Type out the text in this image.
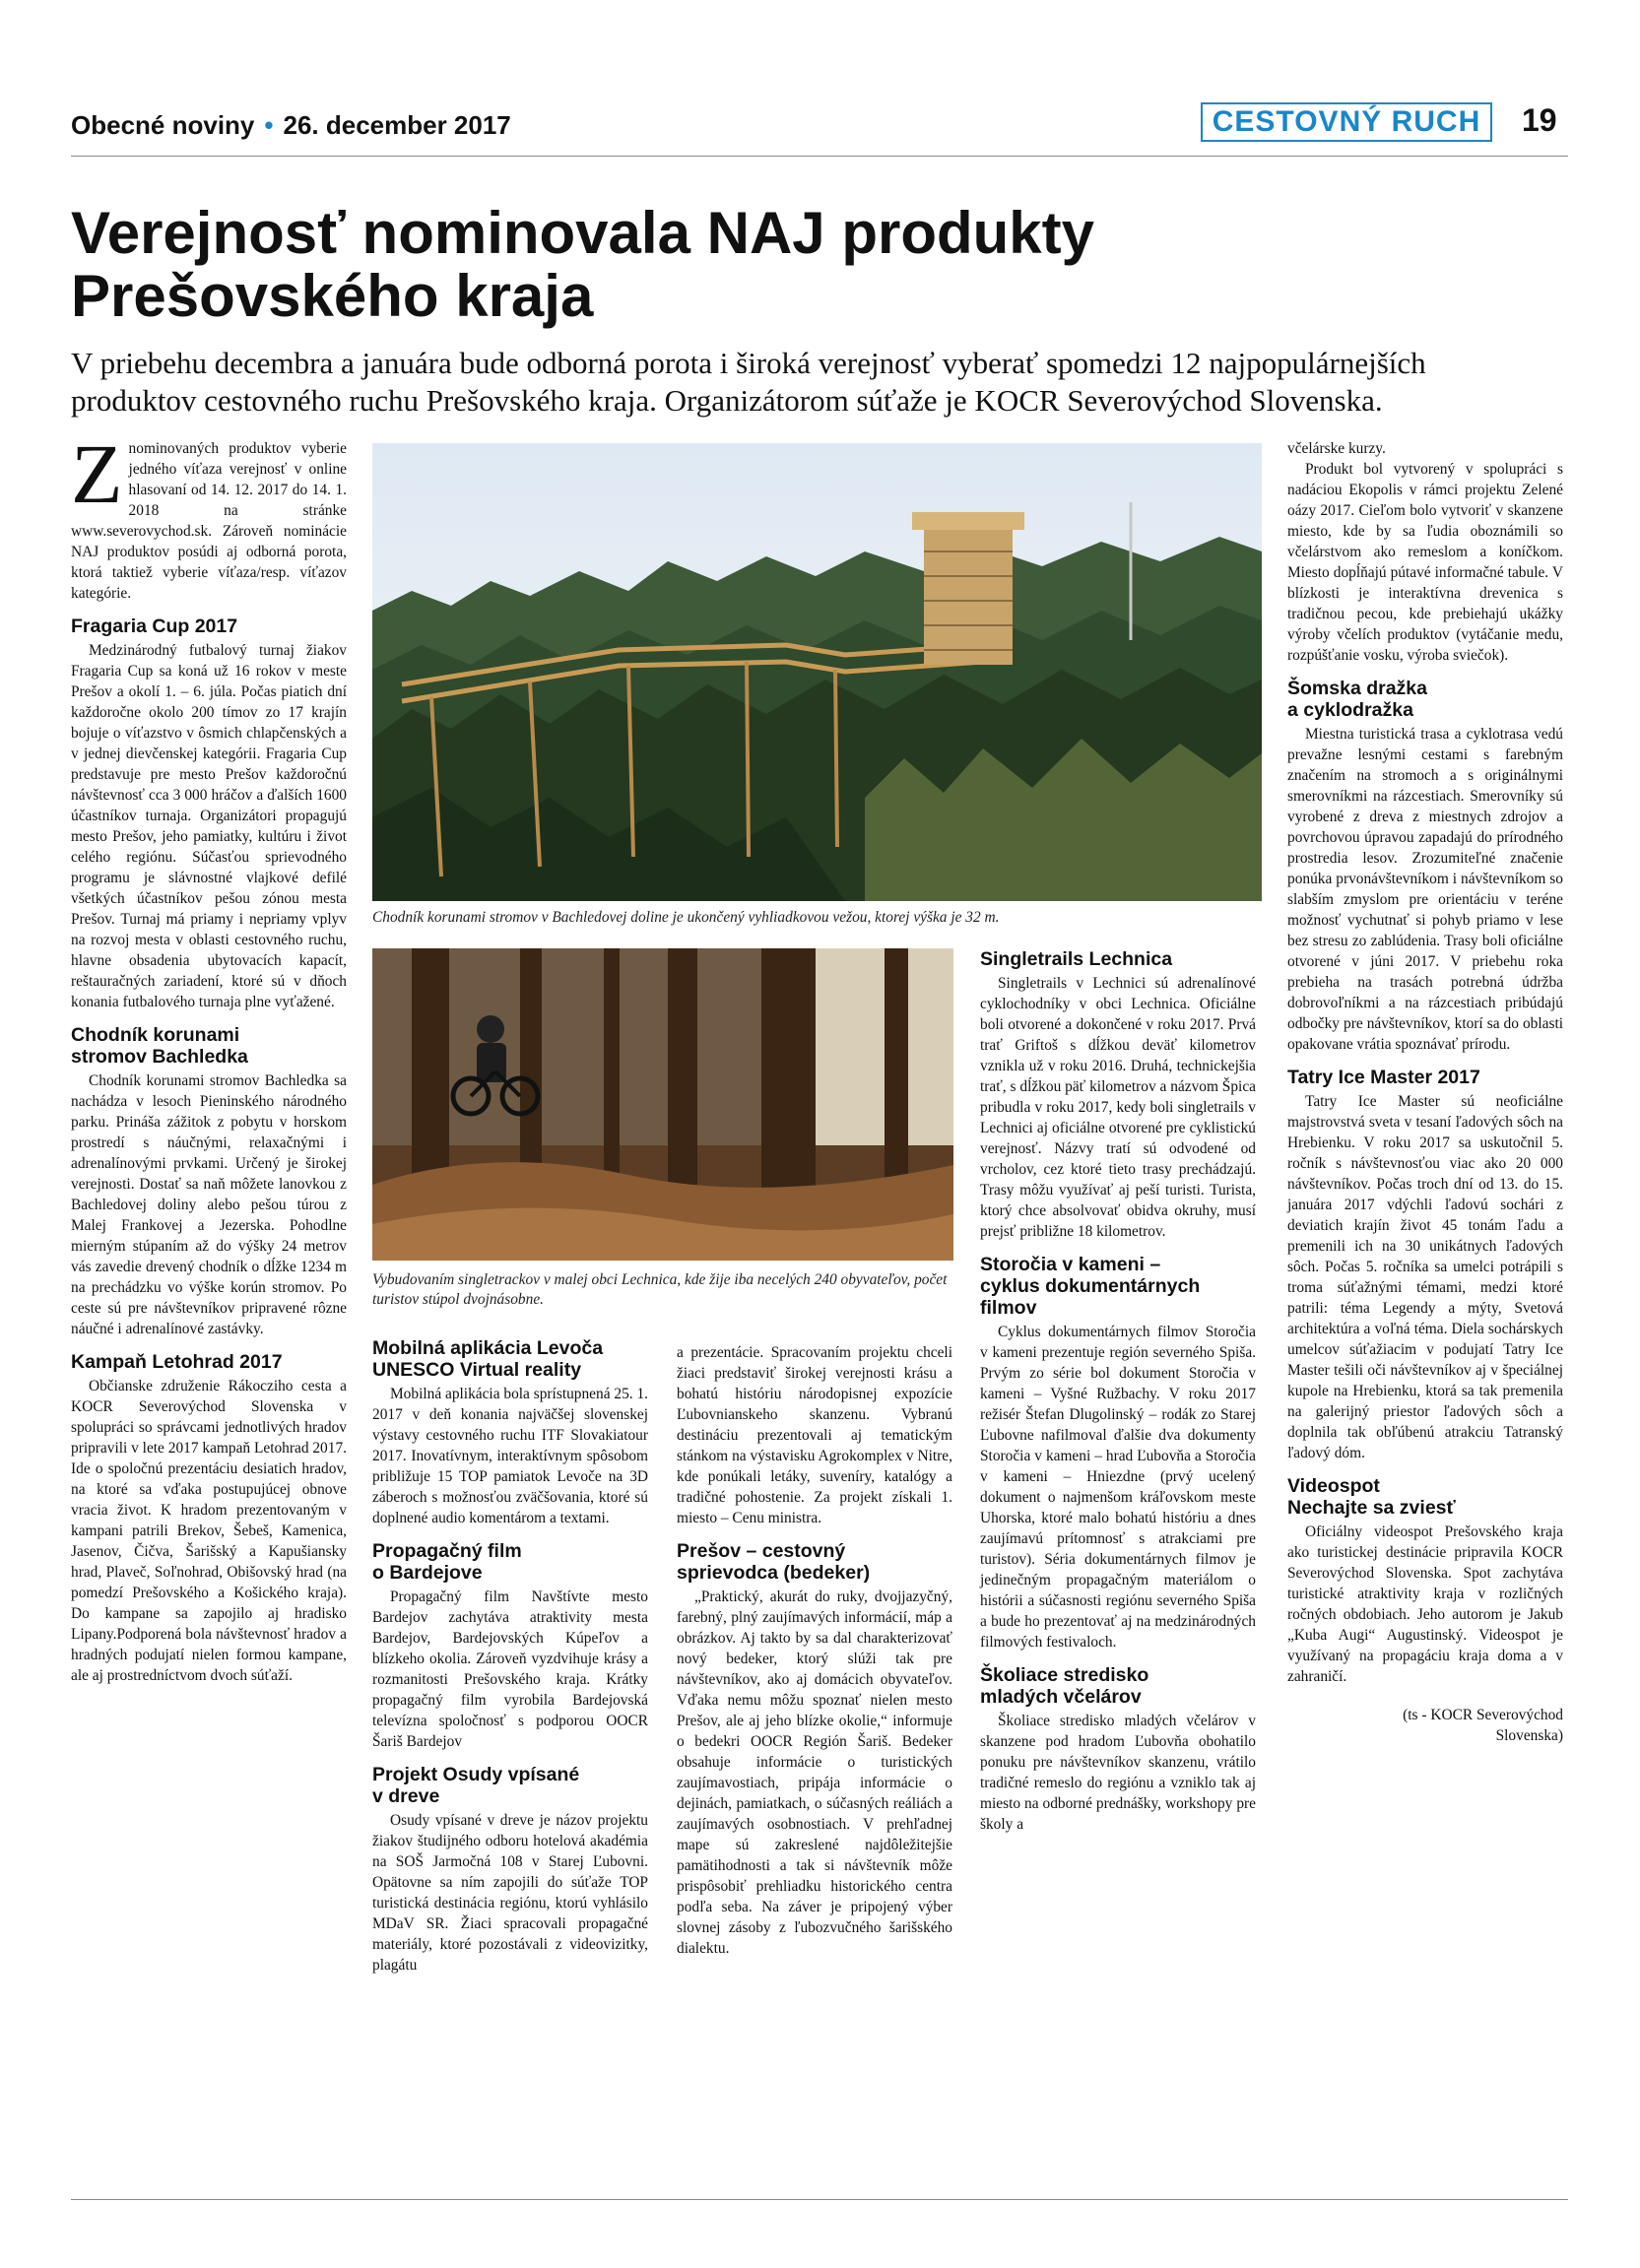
Obecné noviny • 26. december 2017	CESTOVNÝ RUCH	19
Verejnosť nominovala NAJ produkty
Prešovského kraja

V priebehu decembra a januára bude odborná porota i široká verejnosť vyberať spomedzi 12 najpopulárnejších
produktov cestovného ruchu Prešovského kraja. Organizátorom súťaže je KOCR Severovýchod Slovenska.

Znominovaných produktov vyberie jedného víťaza verejnosť v online hlasovaní od 14. 12. 2017 do 14. 1. 2018 na stránke www.severovychod.sk. Zároveň nominácie NAJ produktov posúdi aj odborná porota, ktorá taktiež vyberie víťaza/resp. víťazov kategórie.

Fragaria Cup 2017

Medzinárodný futbalový turnaj žiakov Fragaria Cup sa koná už 16 rokov v meste Prešov a okolí 1. – 6. júla. Počas piatich dní každoročne okolo 200 tímov zo 17 krajín bojuje o víťazstvo v ôsmich chlapčenských a v jednej dievčenskej kategórii. Fragaria Cup predstavuje pre mesto Prešov každoročnú návštevnosť cca 3 000 hráčov a ďalších 1600 účastníkov turnaja. Organizátori propagujú mesto Prešov, jeho pamiatky, kultúru i život celého regiónu. Súčasťou sprievodného programu je slávnostné vlajkové defilé všetkých účastníkov pešou zónou mesta Prešov. Turnaj má priamy i nepriamy vplyv na rozvoj mesta v oblasti cestovného ruchu, hlavne obsadenia ubytovacích kapacít, reštauračných zariadení, ktoré sú v dňoch konania futbalového turnaja plne vyťažené.

Chodník korunami
stromov Bachledka

Chodník korunami stromov Bachledka sa nachádza v lesoch Pieninského národného parku. Prináša zážitok z pobytu v horskom prostredí s náučnými, relaxačnými i adrenalínovými prvkami. Určený je širokej verejnosti. Dostať sa naň môžete lanovkou z Bachledovej doliny alebo pešou túrou z Malej Frankovej a Jezerska. Pohodlne mierným stúpaním až do výšky 24 metrov vás zavedie drevený chodník o dĺžke 1234 m na prechádzku vo výške korún stromov. Po ceste sú pre návštevníkov pripravené rôzne náučné i adrenalínové zastávky.

Kampaň Letohrad 2017

Občianske združenie Rákocziho cesta a KOCR Severovýchod Slovenska v spolupráci so správcami jednotlivých hradov pripravili v lete 2017 kampaň Letohrad 2017. Ide o spoločnú prezentáciu desiatich hradov, na ktoré sa vďaka postupujúcej obnove vracia život. K hradom prezentovaným v kampani patrili Brekov, Šebeš, Kamenica, Jasenov, Čičva, Šarišský a Kapušiansky hrad, Plaveč, Soľnohrad, Obišovský hrad (na pomedzí Prešovského a Košického kraja). Do kampane sa zapojilo aj hradisko Lipany.Podporená bola návštevnosť hradov a hradných podujatí nielen formou kampane, ale aj prostredníctvom dvoch súťaží.

Chodník korunami stromov v Bachledovej doline je ukončený vyhliadkovou vežou, ktorej výška je 32 m.
Vybudovaním singletrackov v malej obci Lechnica, kde žije iba necelých 240 obyvateľov, počet turistov stúpol dvojnásobne.
Mobilná aplikácia Levoča
UNESCO Virtual reality

Mobilná aplikácia bola sprístupnená 25. 1. 2017 v deň konania najväčšej slovenskej výstavy cestovného ruchu ITF Slovakiatour 2017. Inovatívnym, interaktívnym spôsobom približuje 15 TOP pamiatok Levoče na 3D záberoch s možnosťou zväčšovania, ktoré sú doplnené audio komentárom a textami.

Propagačný film
o Bardejove

Propagačný film Navštívte mesto Bardejov zachytáva atraktivity mesta Bardejov, Bardejovských Kúpeľov a blízkeho okolia. Zároveň vyzdvihuje krásy a rozmanitosti Prešovského kraja. Krátky propagačný film vyrobila Bardejovská televízna spoločnosť s podporou OOCR Šariš Bardejov

Projekt Osudy vpísané
v dreve

Osudy vpísané v dreve je názov projektu žiakov študijného odboru hotelová akadémia na SOŠ Jarmočná 108 v Starej Ľubovni. Opätovne sa ním zapojili do súťaže TOP turistická destinácia regiónu, ktorú vyhlásilo MDaV SR. Žiaci spracovali propagačné materiály, ktoré pozostávali z videovizitky, plagátu

a prezentácie. Spracovaním projektu chceli žiaci predstaviť širokej verejnosti krásu a bohatú históriu národopisnej expozície Ľubovnianskeho skanzenu. Vybranú destináciu prezentovali aj tematickým stánkom na výstavisku Agrokomplex v Nitre, kde ponúkali letáky, suveníry, katalógy a tradičné pohostenie. Za projekt získali 1. miesto – Cenu ministra.

Prešov – cestovný
sprievodca (bedeker)

„Praktický, akurát do ruky, dvojjazyčný, farebný, plný zaujímavých informácií, máp a obrázkov. Aj takto by sa dal charakterizovať nový bedeker, ktorý slúži tak pre návštevníkov, ako aj domácich obyvateľov. Vďaka nemu môžu spoznať nielen mesto Prešov, ale aj jeho blízke okolie,“ informuje o bedekri OOCR Región Šariš. Bedeker obsahuje informácie o turistických zaujímavostiach, pripája informácie o dejinách, pamiatkach, o súčasných reáliách a zaujímavých osobnostiach. V prehľadnej mape sú zakreslené najdôležitejšie pamätihodnosti a tak si návštevník môže prispôsobiť prehliadku historického centra podľa seba. Na záver je pripojený výber slovnej zásoby z ľubozvučného šarišského dialektu.

Singletrails Lechnica

Singletrails v Lechnici sú adrenalínové cyklochodníky v obci Lechnica. Oficiálne boli otvorené a dokončené v roku 2017. Prvá trať Griftoš s dĺžkou deväť kilometrov vznikla už v roku 2016. Druhá, technickejšia trať, s dĺžkou päť kilometrov a názvom Špica pribudla v roku 2017, kedy boli singletrails v Lechnici aj oficiálne otvorené pre cyklistickú verejnosť. Názvy tratí sú odvodené od vrcholov, cez ktoré tieto trasy prechádzajú. Trasy môžu využívať aj peší turisti. Turista, ktorý chce absolvovať obidva okruhy, musí prejsť približne 18 kilometrov.

Storočia v kameni –
cyklus dokumentárnych
filmov

Cyklus dokumentárnych filmov Storočia v kameni prezentuje región severného Spiša. Prvým zo série bol dokument Storočia v kameni – Vyšné Ružbachy. V roku 2017 režisér Štefan Dlugolinský – rodák zo Starej Ľubovne nafilmoval ďalšie dva dokumenty Storočia v kameni – hrad Ľubovňa a Storočia v kameni – Hniezdne (prvý ucelený dokument o najmenšom kráľovskom meste Uhorska, ktoré malo bohatú históriu a dnes zaujímavú prítomnosť s atrakciami pre turistov). Séria dokumentárnych filmov je jedinečným propagačným materiálom o histórii a súčasnosti regiónu severného Spiša a bude ho prezentovať aj na medzinárodných filmových festivaloch.

Školiace stredisko
mladých včelárov

Školiace stredisko mladých včelárov v skanzene pod hradom Ľubovňa obohatilo ponuku pre návštevníkov skanzenu, vrátilo tradičné remeslo do regiónu a vzniklo tak aj miesto na odborné prednášky, workshopy pre školy a

včelárske kurzy.

Produkt bol vytvorený v spolupráci s nadáciou Ekopolis v rámci projektu Zelené oázy 2017. Cieľom bolo vytvoriť v skanzene miesto, kde by sa ľudia oboznámili so včelárstvom ako remeslom a koníčkom. Miesto dopĺňajú pútavé informačné tabule. V blízkosti je interaktívna drevenica s tradičnou pecou, kde prebiehajú ukážky výroby včelích produktov (vytáčanie medu, rozpúšťanie vosku, výroba sviečok).

Šomska dražka
a cyklodražka

Miestna turistická trasa a cyklotrasa vedú prevažne lesnými cestami s farebným značením na stromoch a s originálnymi smerovníkmi na rázcestiach. Smerovníky sú vyrobené z dreva z miestnych zdrojov a povrchovou úpravou zapadajú do prírodného prostredia lesov. Zrozumiteľné značenie ponúka prvonávštevníkom i návštevníkom so slabším zmyslom pre orientáciu v teréne možnosť vychutnať si pohyb priamo v lese bez stresu zo zablúdenia. Trasy boli oficiálne otvorené v júni 2017. V priebehu roka prebieha na trasách potrebná údržba dobrovoľníkmi a na rázcestiach pribúdajú odbočky pre návštevníkov, ktorí sa do oblasti opakovane vrátia spoznávať prírodu.

Tatry Ice Master 2017

Tatry Ice Master sú neoficiálne majstrovstvá sveta v tesaní ľadových sôch na Hrebienku. V roku 2017 sa uskutočnil 5. ročník s návštevnosťou viac ako 20 000 návštevníkov. Počas troch dní od 13. do 15. januára 2017 vdýchli ľadovú sochári z deviatich krajín život 45 tonám ľadu a premenili ich na 30 unikátnych ľadových sôch. Počas 5. ročníka sa umelci potrápili s troma súťažnými témami, medzi ktoré patrili: téma Legendy a mýty, Svetová architektúra a voľná téma. Dielа sochárskych umelcov súťažiacim v podujatí Tatry Ice Master tešili oči návštevníkov aj v špeciálnej kupole na Hrebienku, ktorá sa tak premenila na galerijný priestor ľadových sôch a doplnila tak obľúbenú atrakciu Tatranský ľadový dóm.

Videospot
Nechajte sa zviesť

Oficiálny videospot Prešovského kraja ako turistickej destinácie pripravila KOCR Severovýchod Slovenska. Spot zachytáva turistické atraktivity kraja v rozličných ročných obdobiach. Jeho autorom je Jakub „Kuba Augi“ Augustinský. Videospot je využívaný na propagáciu kraja doma a v zahraničí.

(ts - KOCR Severovýchod
Slovenska)
